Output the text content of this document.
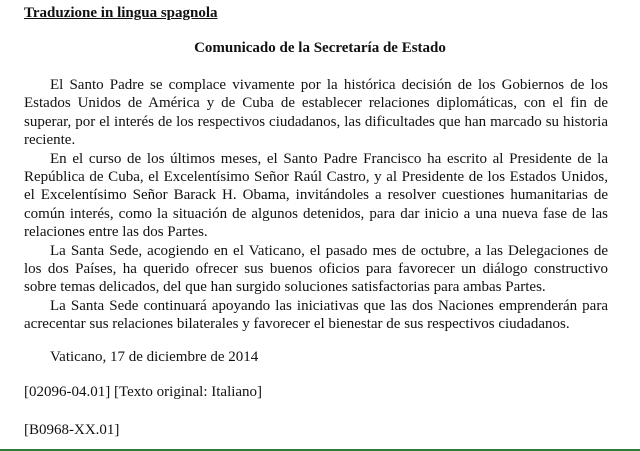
Traduzione in lingua spagnola
Comunicado de la Secretaría de Estado

El Santo Padre se complace vivamente por la histórica decisión de los Gobiernos de los Estados Unidos de América y de Cuba de establecer relaciones diplomáticas, con el fin de superar, por el interés de los respectivos ciudadanos, las dificultades que han marcado su historia reciente.

En el curso de los últimos meses, el Santo Padre Francisco ha escrito al Presidente de la República de Cuba, el Excelentísimo Señor Raúl Castro, y al Presidente de los Estados Unidos, el Excelentísimo Señor Barack H. Obama, invitándoles a resolver cuestiones humanitarias de común interés, como la situación de algunos detenidos, para dar inicio a una nueva fase de las relaciones entre las dos Partes.

La Santa Sede, acogiendo en el Vaticano, el pasado mes de octubre, a las Delegaciones de los dos Países, ha querido ofrecer sus buenos oficios para favorecer un diálogo constructivo sobre temas delicados, del que han surgido soluciones satisfactorias para ambas Partes.

La Santa Sede continuará apoyando las iniciativas que las dos Naciones emprenderán para acrecentar sus relaciones bilaterales y favorecer el bienestar de sus respectivos ciudadanos.

Vaticano, 17 de diciembre de 2014
[02096-04.01] [Texto original: Italiano]
[B0968-XX.01]
